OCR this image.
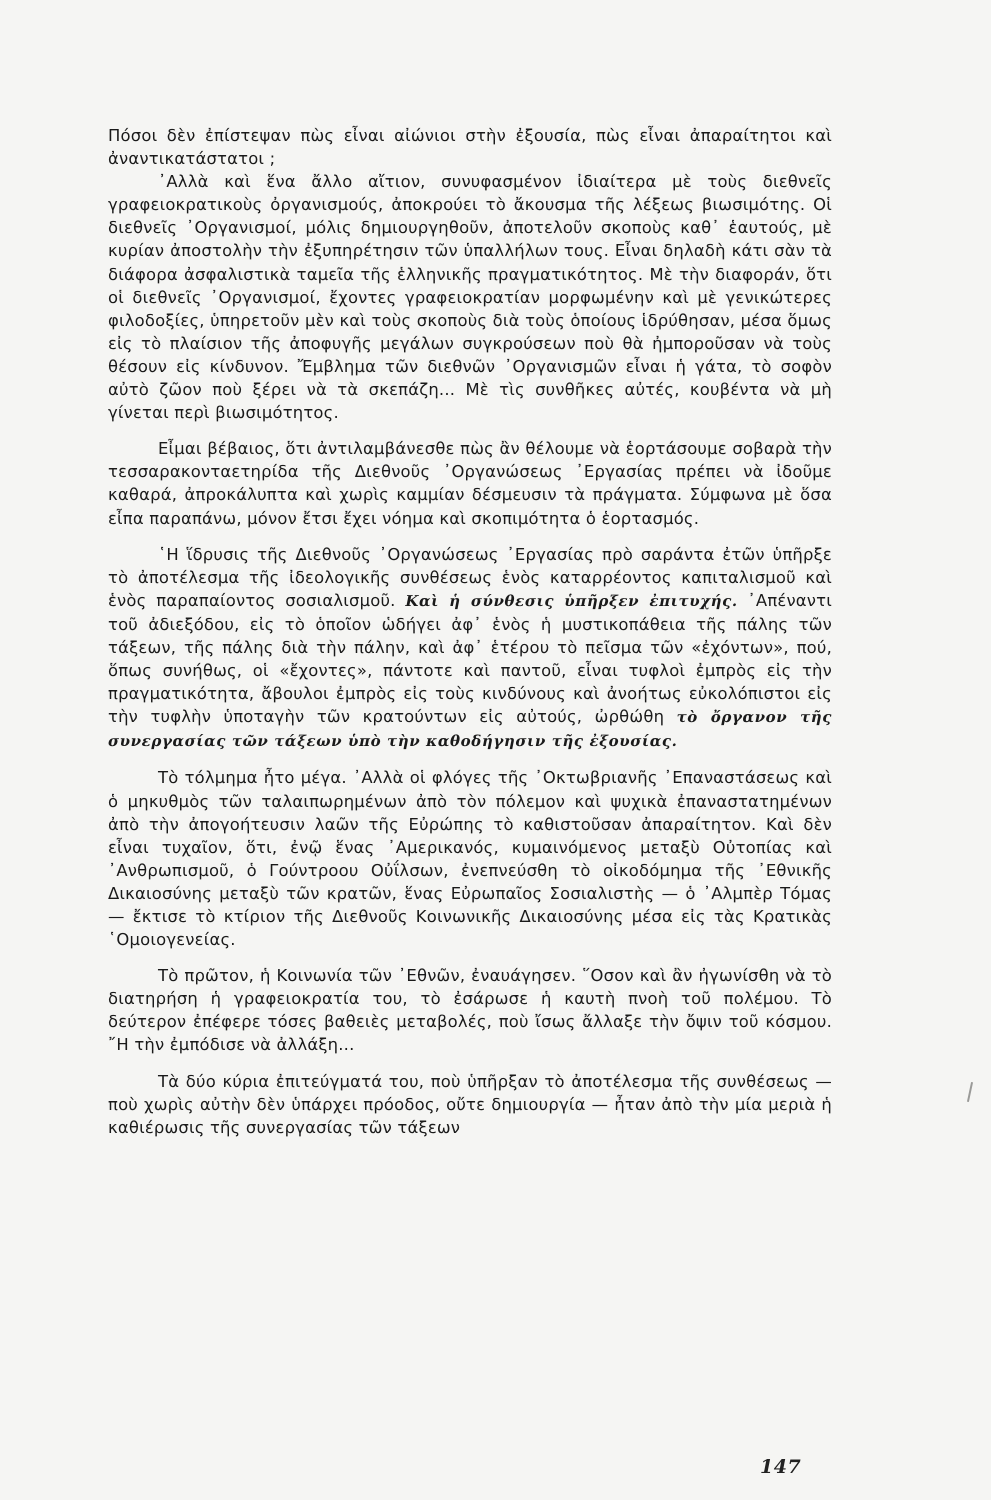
Πόσοι δὲν ἐπίστεψαν πὼς εἶναι αἰώνιοι στὴν ἐξουσία, πὼς εἶναι ἀπαραίτητοι καὶ ἀναντικατάστατοι ;

᾽Αλλὰ καὶ ἕνα ἄλλο αἴτιον, συνυφασμένον ἰδιαίτερα μὲ τοὺς διεθνεῖς γραφειοκρατικοὺς ὀργανισμούς, ἀποκρούει τὸ ἄκουσμα τῆς λέξεως βιωσιμότης. Οἱ διεθνεῖς ᾽Οργανισμοί, μόλις δημιουργηθοῦν, ἀποτελοῦν σκοποὺς καθ᾽ ἑαυτούς, μὲ κυρίαν ἀποστολὴν τὴν ἐξυπηρέτησιν τῶν ὑπαλλήλων τους. Εἶναι δηλαδὴ κάτι σὰν τὰ διάφορα ἀσφαλιστικὰ ταμεῖα τῆς ἑλληνικῆς πραγματικότητος. Μὲ τὴν διαφοράν, ὅτι οἱ διεθνεῖς ᾽Οργανισμοί, ἔχοντες γραφειοκρατίαν μορφωμένην καὶ μὲ γενικώτερες φιλοδοξίες, ὑπηρετοῦν μὲν καὶ τοὺς σκοποὺς διὰ τοὺς ὁποίους ἱδρύθησαν, μέσα ὅμως εἰς τὸ πλαίσιον τῆς ἀποφυγῆς μεγάλων συγκρούσεων ποὺ θὰ ἠμποροῦσαν νὰ τοὺς θέσουν εἰς κίνδυνον. Ἔμβλημα τῶν διεθνῶν ᾽Οργανισμῶν εἶναι ἡ γάτα, τὸ σοφὸν αὐτὸ ζῶον ποὺ ξέρει νὰ τὰ σκεπάζη... Μὲ τὶς συνθῆκες αὐτές, κουβέντα νὰ μὴ γίνεται περὶ βιωσιμότητος.

Εἶμαι βέβαιος, ὅτι ἀντιλαμβάνεσθε πὼς ἂν θέλουμε νὰ ἑορτάσουμε σοβαρὰ τὴν τεσσαρακονταετηρίδα τῆς Διεθνοῦς ᾽Οργανώσεως ᾽Εργασίας πρέπει νὰ ἰδοῦμε καθαρά, ἀπροκάλυπτα καὶ χωρὶς καμμίαν δέσμευσιν τὰ πράγματα. Σύμφωνα μὲ ὅσα εἶπα παραπάνω, μόνον ἔτσι ἔχει νόημα καὶ σκοπιμότητα ὁ ἑορτασμός.

῾Η ἵδρυσις τῆς Διεθνοῦς ᾽Οργανώσεως ᾽Εργασίας πρὸ σαράντα ἐτῶν ὑπῆρξε τὸ ἀποτέλεσμα τῆς ἰδεολογικῆς συνθέσεως ἑνὸς καταρρέοντος καπιταλισμοῦ καὶ ἑνὸς παραπαίοντος σοσιαλισμοῦ. Καὶ ἡ σύνθεσις ὑπῆρξεν ἐπιτυχής. ᾽Απέναντι τοῦ ἀδιεξόδου, εἰς τὸ ὁποῖον ὡδήγει ἀφ᾽ ἑνὸς ἡ μυστικοπάθεια τῆς πάλης τῶν τάξεων, τῆς πάλης διὰ τὴν πάλην, καὶ ἀφ᾽ ἑτέρου τὸ πεῖσμα τῶν «ἐχόντων», πού, ὅπως συνήθως, οἱ «ἔχοντες», πάντοτε καὶ παντοῦ, εἶναι τυφλοὶ ἐμπρὸς εἰς τὴν πραγματικότητα, ἄβουλοι ἐμπρὸς εἰς τοὺς κινδύνους καὶ ἀνοήτως εὐκολόπιστοι εἰς τὴν τυφλὴν ὑποταγὴν τῶν κρατούντων εἰς αὐτούς, ὠρθώθη τὸ ὄργανον τῆς συνεργασίας τῶν τάξεων ὑπὸ τὴν καθοδήγησιν τῆς ἐξουσίας.

Τὸ τόλμημα ἦτο μέγα. ᾽Αλλὰ οἱ φλόγες τῆς ᾽Οκτωβριανῆς ᾽Επαναστάσεως καὶ ὁ μηκυθμὸς τῶν ταλαιπωρημένων ἀπὸ τὸν πόλεμον καὶ ψυχικὰ ἐπαναστατημένων ἀπὸ τὴν ἀπογοήτευσιν λαῶν τῆς Εὐρώπης τὸ καθιστοῦσαν ἀπαραίτητον. Καὶ δὲν εἶναι τυχαῖον, ὅτι, ἐνῷ ἕνας ᾽Αμερικανός, κυμαινόμενος μεταξὺ Οὐτοπίας καὶ ᾽Ανθρωπισμοῦ, ὁ Γούντροου Οὐΐλσων, ἐνεπνεύσθη τὸ οἰκοδόμημα τῆς ᾽Εθνικῆς Δικαιοσύνης μεταξὺ τῶν κρατῶν, ἕνας Εὐρωπαῖος Σοσιαλιστὴς — ὁ ᾽Αλμπὲρ Τόμας — ἔκτισε τὸ κτίριον τῆς Διεθνοῦς Κοινωνικῆς Δικαιοσύνης μέσα εἰς τὰς Κρατικὰς ῾Ομοιογενείας.

Τὸ πρῶτον, ἡ Κοινωνία τῶν ᾽Εθνῶν, ἐναυάγησεν. ῞Οσον καὶ ἂν ἠγωνίσθη νὰ τὸ διατηρήση ἡ γραφειοκρατία του, τὸ ἐσάρωσε ἡ καυτὴ πνοὴ τοῦ πολέμου. Τὸ δεύτερον ἐπέφερε τόσες βαθειὲς μεταβολές, ποὺ ἴσως ἄλλαξε τὴν ὄψιν τοῦ κόσμου. ῎Η τὴν ἐμπόδισε νὰ ἀλλάξη...

Τὰ δύο κύρια ἐπιτεύγματά του, ποὺ ὑπῆρξαν τὸ ἀποτέλεσμα τῆς συνθέσεως — ποὺ χωρὶς αὐτὴν δὲν ὑπάρχει πρόοδος, οὔτε δημιουργία — ἦταν ἀπὸ τὴν μία μεριὰ ἡ καθιέρωσις τῆς συνεργασίας τῶν τάξεων

147
